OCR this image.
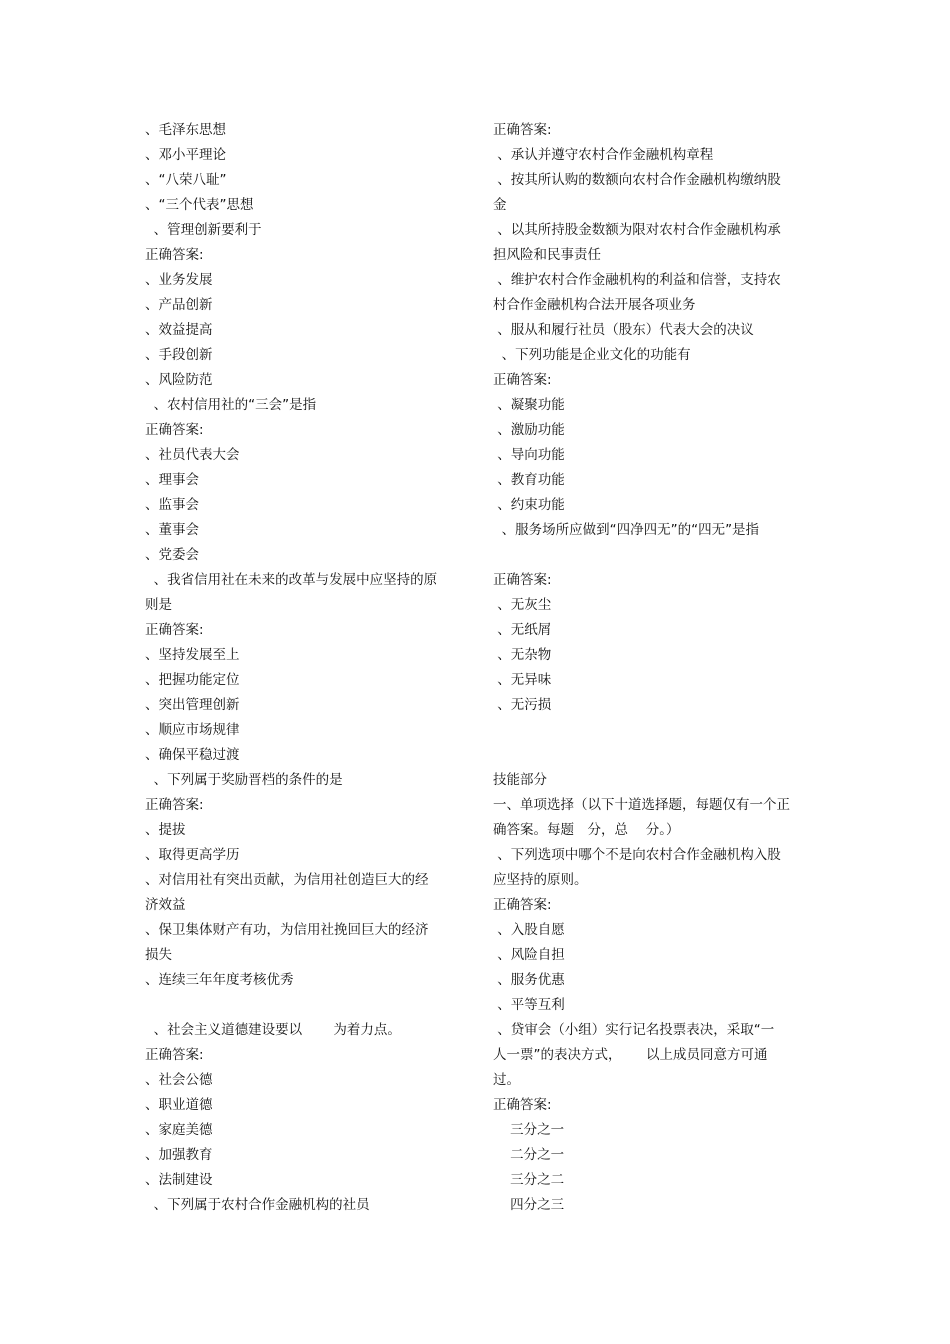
、毛泽东思想
、邓小平理论
、“八荣八耻”
、“三个代表”思想
、管理创新要利于
正确答案:
、业务发展
、产品创新
、效益提高
、手段创新
、风险防范
、农村信用社的“三会”是指
正确答案:
、社员代表大会
、理事会
、监事会
、董事会
、党委会
、我省信用社在未来的改革与发展中应坚持的原
则是
正确答案:
、坚持发展至上
、把握功能定位
、突出管理创新
、顺应市场规律
、确保平稳过渡
、下列属于奖励晋档的条件的是
正确答案:
、提拔
、取得更高学历
、对信用社有突出贡献，为信用社创造巨大的经
济效益
、保卫集体财产有功，为信用社挽回巨大的经济
损失
、连续三年年度考核优秀
、社会主义道德建设要以　　 为着力点。
正确答案:
、社会公德
、职业道德
、家庭美德
、加强教育
、法制建设
、下列属于农村合作金融机构的社员
正确答案:
、承认并遵守农村合作金融机构章程
、按其所认购的数额向农村合作金融机构缴纳股
金
、以其所持股金数额为限对农村合作金融机构承
担风险和民事责任
、维护农村合作金融机构的利益和信誉，支持农
村合作金融机构合法开展各项业务
、服从和履行社员（股东）代表大会的决议
、下列功能是企业文化的功能有
正确答案:
、凝聚功能
、激励功能
、导向功能
、教育功能
、约束功能
、服务场所应做到“四净四无”的“四无”是指
正确答案:
、无灰尘
、无纸屑
、无杂物
、无异味
、无污损
技能部分
一、单项选择（以下十道选择题，每题仅有一个正
确答案。每题　分，总　 分。）
、下列选项中哪个不是向农村合作金融机构入股
应坚持的原则。
正确答案:
、入股自愿
、风险自担
、服务优惠
、平等互利
、贷审会（小组）实行记名投票表决，采取“一
人一票”的表决方式，　　 以上成员同意方可通
过。
正确答案:
三分之一
二分之一
三分之二
四分之三
